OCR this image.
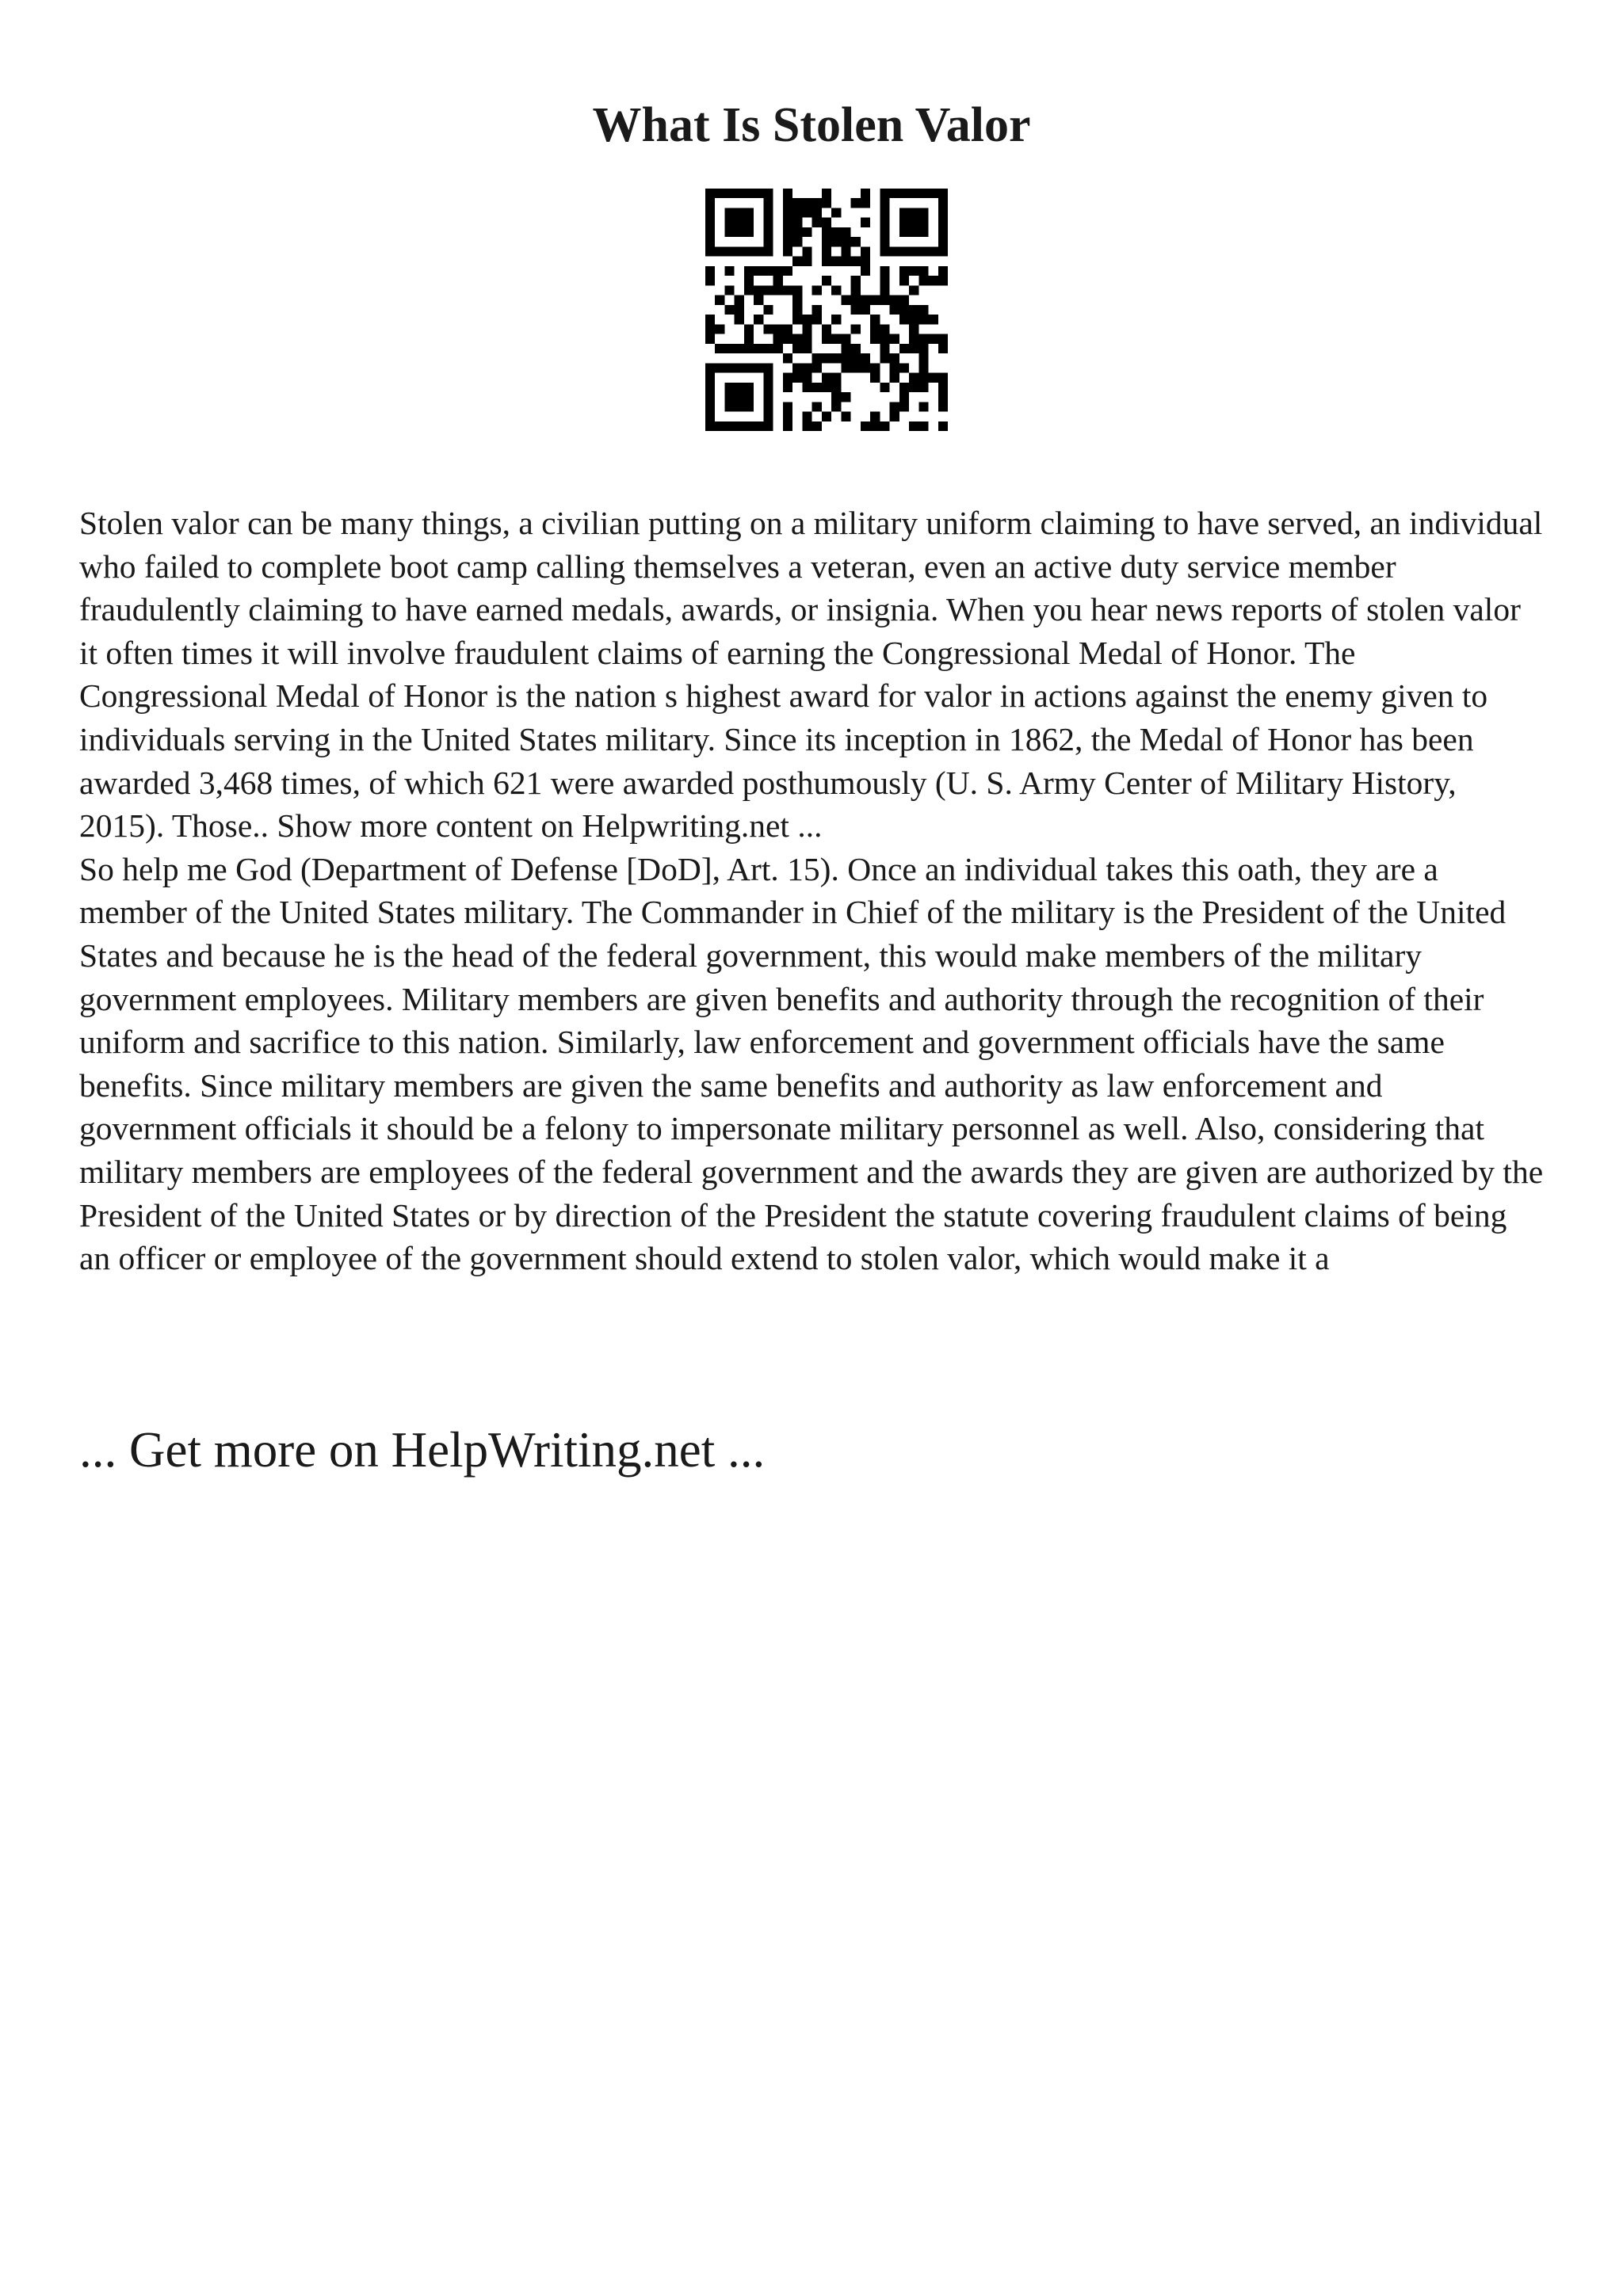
What Is Stolen Valor

Stolen valor can be many things, a civilian putting on a military uniform claiming to have served, an individual who failed to complete boot camp calling themselves a veteran, even an active duty service member fraudulently claiming to have earned medals, awards, or insignia. When you hear news reports of stolen valor it often times it will involve fraudulent claims of earning the Congressional Medal of Honor. The Congressional Medal of Honor is the nation s highest award for valor in actions against the enemy given to individuals serving in the United States military. Since its inception in 1862, the Medal of Honor has been awarded 3,468 times, of which 621 were awarded posthumously (U. S. Army Center of Military History, 2015). Those.. Show more content on Helpwriting.net ...

So help me God (Department of Defense [DoD], Art. 15). Once an individual takes this oath, they are a member of the United States military. The Commander in Chief of the military is the President of the United States and because he is the head of the federal government, this would make members of the military government employees. Military members are given benefits and authority through the recognition of their uniform and sacrifice to this nation. Similarly, law enforcement and government officials have the same benefits. Since military members are given the same benefits and authority as law enforcement and government officials it should be a felony to impersonate military personnel as well. Also, considering that military members are employees of the federal government and the awards they are given are authorized by the President of the United States or by direction of the President the statute covering fraudulent claims of being an officer or employee of the government should extend to stolen valor, which would make it a

... Get more on HelpWriting.net ...
